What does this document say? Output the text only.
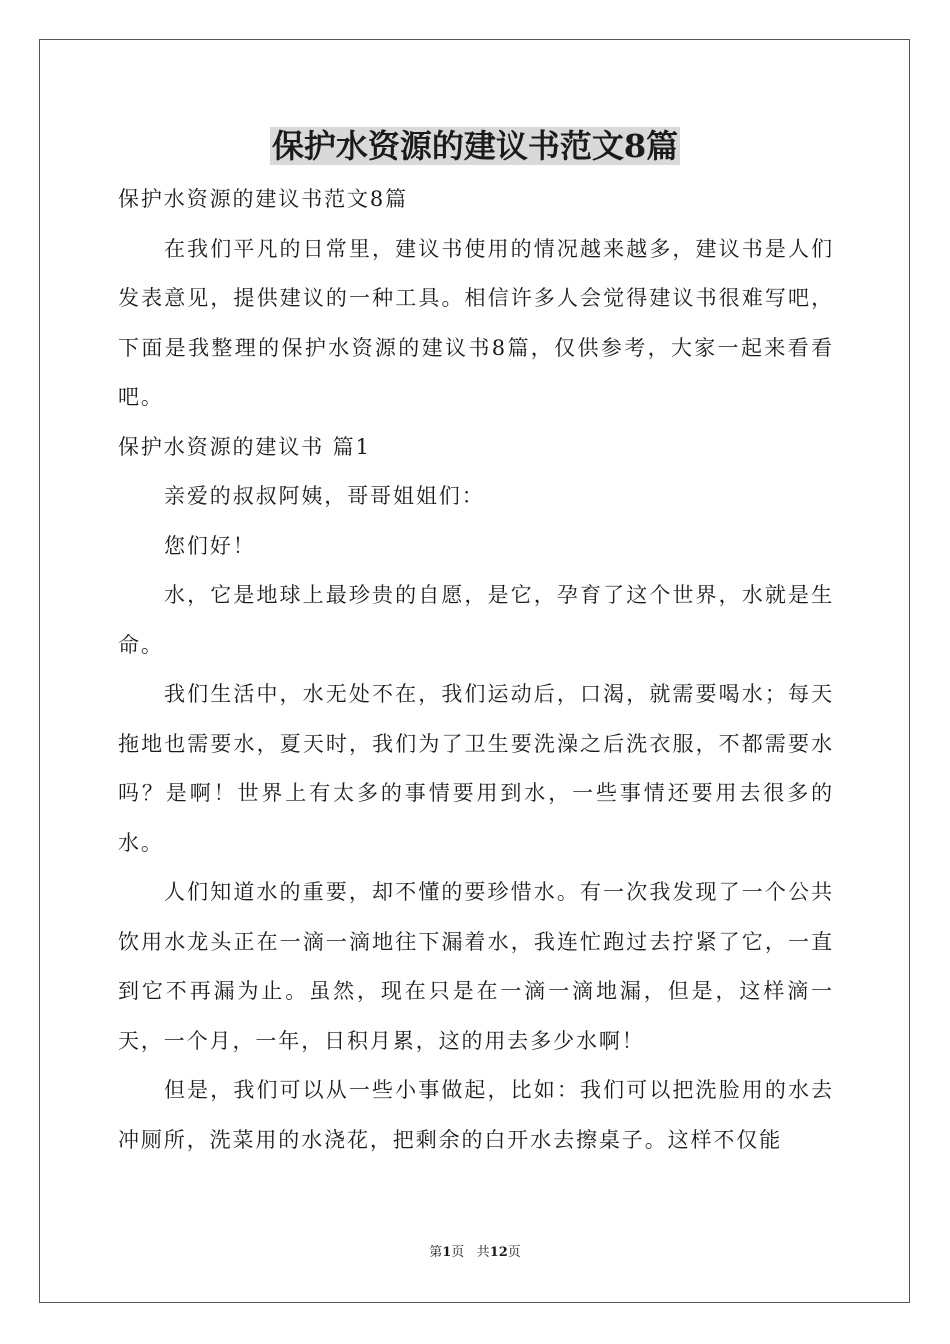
保护水资源的建议书范文8篇

保护水资源的建议书范文8篇

在我们平凡的日常里，建议书使用的情况越来越多，建议书是人们发表意见，提供建议的一种工具。相信许多人会觉得建议书很难写吧，下面是我整理的保护水资源的建议书8篇，仅供参考，大家一起来看看吧。

保护水资源的建议书 篇1

亲爱的叔叔阿姨，哥哥姐姐们：

您们好！

水，它是地球上最珍贵的自愿，是它，孕育了这个世界，水就是生命。

我们生活中，水无处不在，我们运动后，口渴，就需要喝水；每天拖地也需要水，夏天时，我们为了卫生要洗澡之后洗衣服，不都需要水吗？是啊！世界上有太多的事情要用到水，一些事情还要用去很多的水。

人们知道水的重要，却不懂的要珍惜水。有一次我发现了一个公共饮用水龙头正在一滴一滴地往下漏着水，我连忙跑过去拧紧了它，一直到它不再漏为止。虽然，现在只是在一滴一滴地漏，但是，这样滴一天，一个月，一年，日积月累，这的用去多少水啊！

但是，我们可以从一些小事做起，比如：我们可以把洗脸用的水去冲厕所，洗菜用的水浇花，把剩余的白开水去擦桌子。这样不仅能

第1页 共12页
